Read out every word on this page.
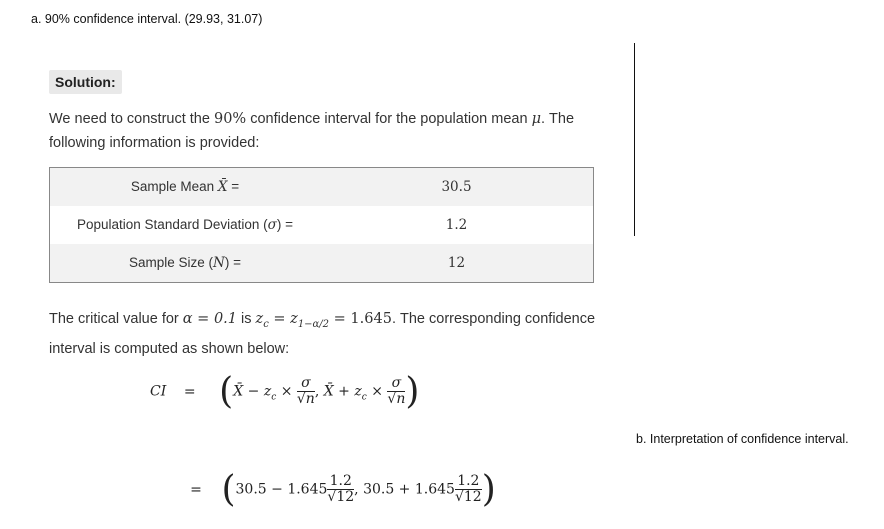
a. 90% confidence interval. (29.93, 31.07)
Solution:
We need to construct the 90% confidence interval for the population mean μ. The following information is provided:
Sample Mean X̄ =	30.5
Population Standard Deviation (σ) =	1.2
Sample Size (N) =	12
The critical value for α = 0.1 is $z_c = z_{1-\alpha/2} = 1.645$. The corresponding confidence interval is computed as shown below:
CI = (X̄ − $z_c \times \frac{\sigma}{√n}$ , X̄ + $z_c \times \frac{\sigma}{√n}$ )
= ($30.5 - 1.645 \frac{1.2}{√12}$ , $30.5 + 1.645 \frac{1.2}{√12}$ )
b. Interpretation of confidence interval.
